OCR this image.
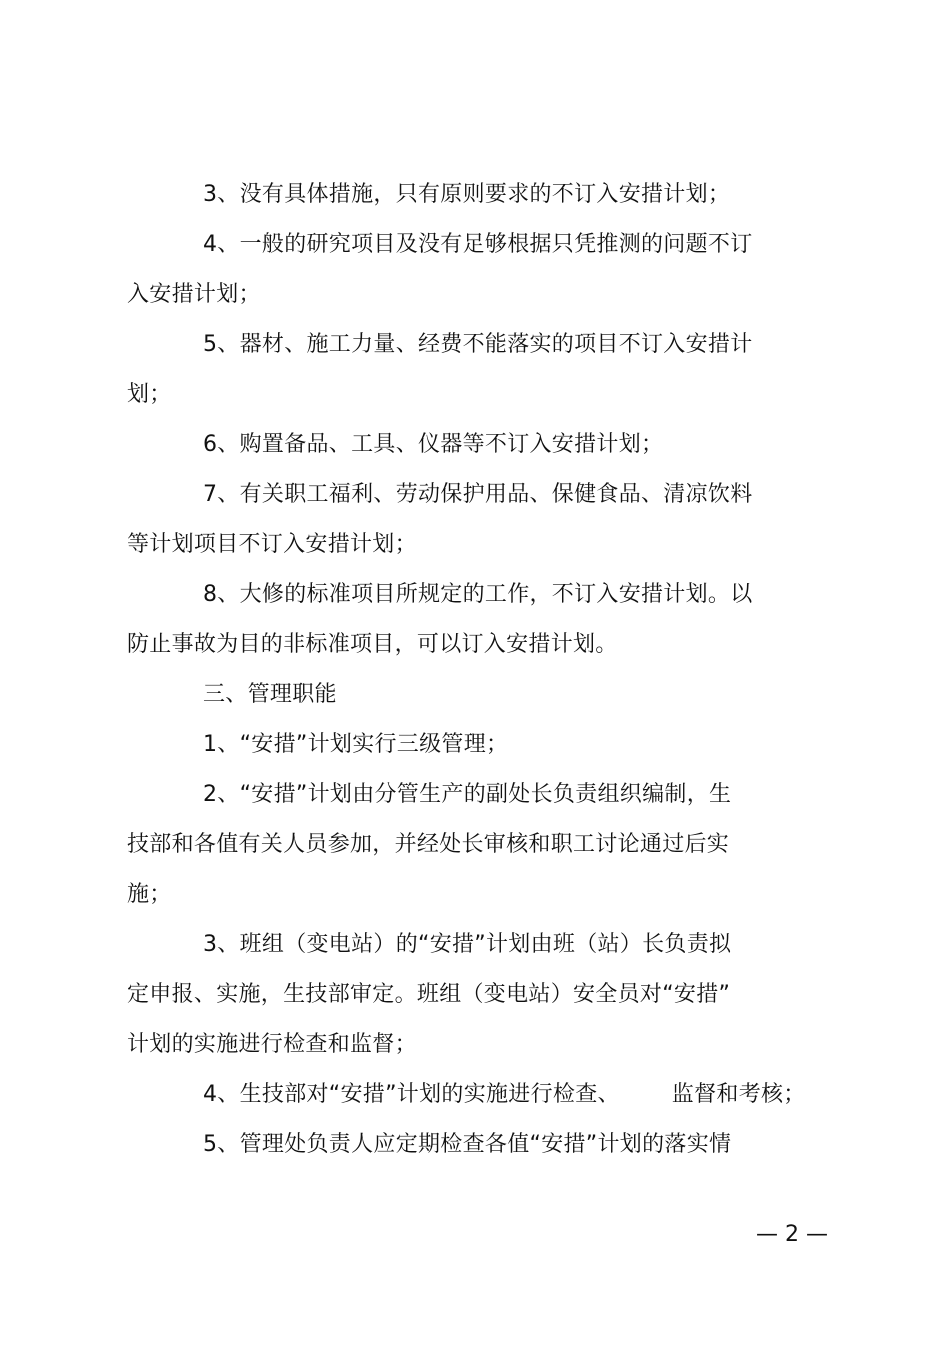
3、没有具体措施，只有原则要求的不订入安措计划；
4、一般的研究项目及没有足够根据只凭推测的问题不订
入安措计划；
5、器材、施工力量、经费不能落实的项目不订入安措计
划；
6、购置备品、工具、仪器等不订入安措计划；
7、有关职工福利、劳动保护用品、保健食品、清凉饮料
等计划项目不订入安措计划；
8、大修的标准项目所规定的工作，不订入安措计划。以
防止事故为目的非标准项目，可以订入安措计划。
三、管理职能
1、“安措”计划实行三级管理；
2、“安措”计划由分管生产的副处长负责组织编制，生
技部和各值有关人员参加，并经处长审核和职工讨论通过后实
施；
3、班组（变电站）的“安措”计划由班（站）长负责拟
定申报、实施，生技部审定。班组（变电站）安全员对“安措”
计划的实施进行检查和监督；
4、生技部对“安措”计划的实施进行检查、 监督和考核；
5、管理处负责人应定期检查各值“安措”计划的落实情
— 2 —
